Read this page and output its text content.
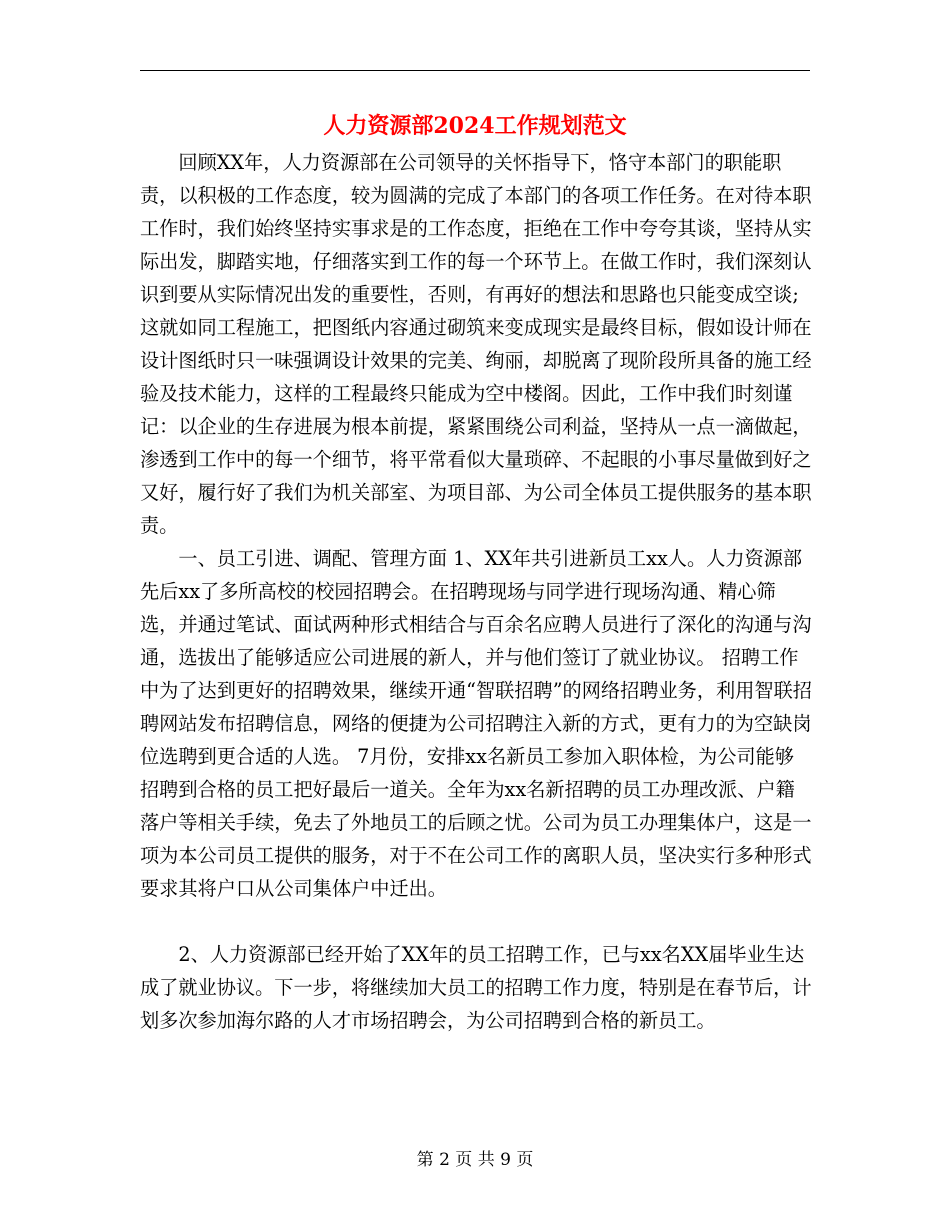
人力资源部2024工作规划范文

回顾XX年，人力资源部在公司领导的关怀指导下，恪守本部门的职能职责，以积极的工作态度，较为圆满的完成了本部门的各项工作任务。在对待本职工作时，我们始终坚持实事求是的工作态度，拒绝在工作中夸夸其谈，坚持从实际出发，脚踏实地，仔细落实到工作的每一个环节上。在做工作时，我们深刻认识到要从实际情况出发的重要性，否则，有再好的想法和思路也只能变成空谈;这就如同工程施工，把图纸内容通过砌筑来变成现实是最终目标，假如设计师在设计图纸时只一味强调设计效果的完美、绚丽，却脱离了现阶段所具备的施工经验及技术能力，这样的工程最终只能成为空中楼阁。因此，工作中我们时刻谨记：以企业的生存进展为根本前提，紧紧围绕公司利益，坚持从一点一滴做起，渗透到工作中的每一个细节，将平常看似大量琐碎、不起眼的小事尽量做到好之又好，履行好了我们为机关部室、为项目部、为公司全体员工提供服务的基本职责。

一、员工引进、调配、管理方面 1、XX年共引进新员工xx人。人力资源部先后xx了多所高校的校园招聘会。在招聘现场与同学进行现场沟通、精心筛选，并通过笔试、面试两种形式相结合与百余名应聘人员进行了深化的沟通与沟通，选拔出了能够适应公司进展的新人，并与他们签订了就业协议。 招聘工作中为了达到更好的招聘效果，继续开通“智联招聘”的网络招聘业务，利用智联招聘网站发布招聘信息，网络的便捷为公司招聘注入新的方式，更有力的为空缺岗位选聘到更合适的人选。 7月份，安排xx名新员工参加入职体检，为公司能够招聘到合格的员工把好最后一道关。全年为xx名新招聘的员工办理改派、户籍落户等相关手续，免去了外地员工的后顾之忧。公司为员工办理集体户，这是一项为本公司员工提供的服务，对于不在公司工作的离职人员，坚决实行多种形式要求其将户口从公司集体户中迁出。

2、人力资源部已经开始了XX年的员工招聘工作，已与xx名XX届毕业生达成了就业协议。下一步，将继续加大员工的招聘工作力度，特别是在春节后，计划多次参加海尔路的人才市场招聘会，为公司招聘到合格的新员工。

第 2 页 共 9 页
